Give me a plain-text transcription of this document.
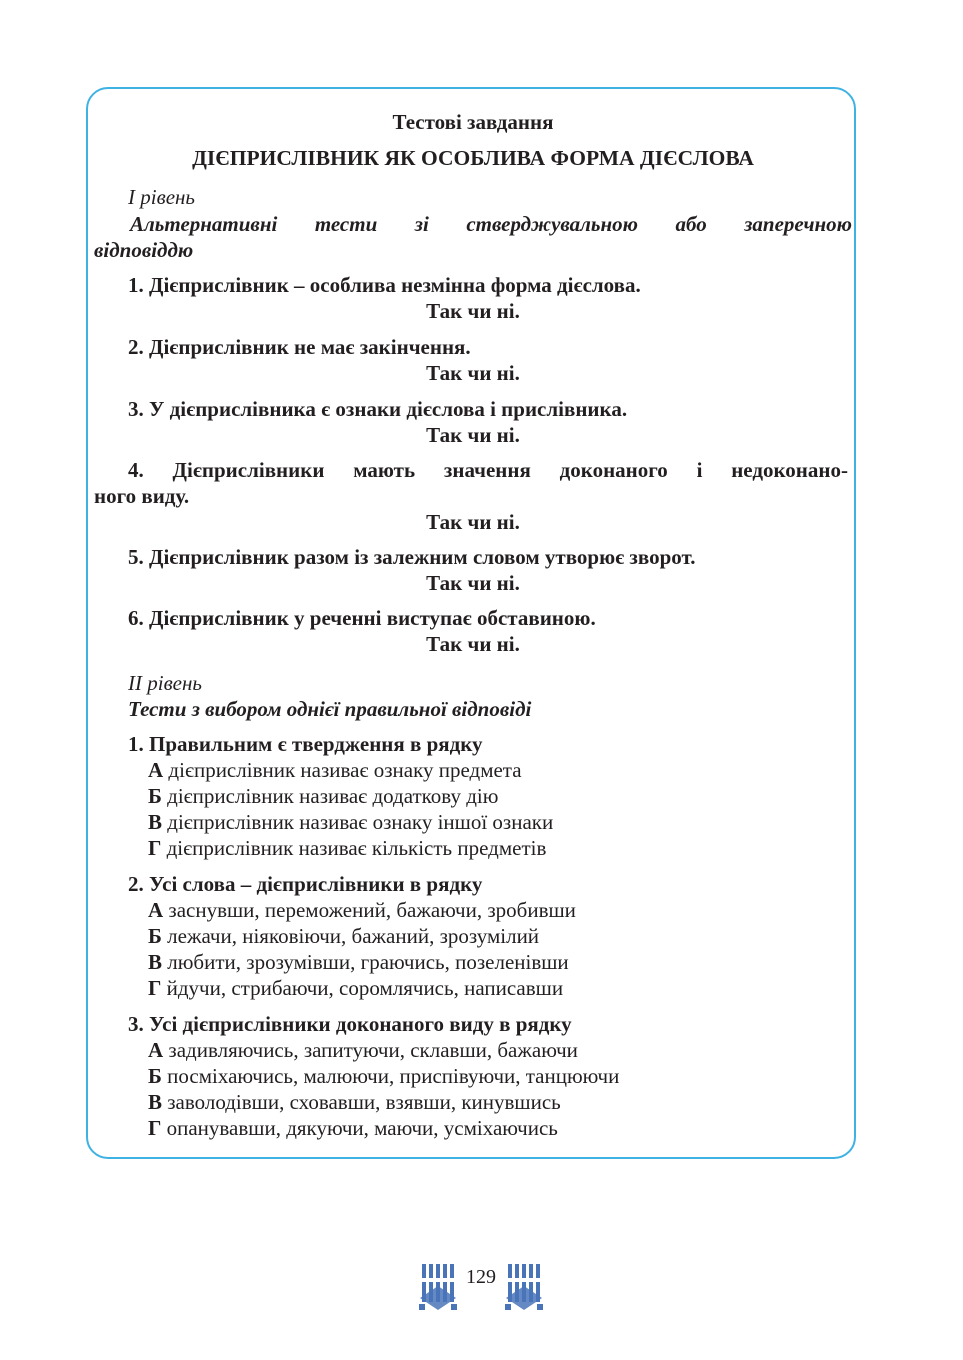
Тестові завдання
ДІЄПРИСЛІВНИК ЯК ОСОБЛИВА ФОРМА ДІЄСЛОВА
I рівень
Альтернативні тести зі стверджувальною або заперечною
відповіддю
1. Дієприслівник – особлива незмінна форма дієслова.
Так чи ні.
2. Дієприслівник не має закінчення.
Так чи ні.
3. У дієприслівника є ознаки дієслова і прислівника.
Так чи ні.
4. Дієприслівники мають значення доконаного і недоконано-
ного виду.
Так чи ні.
5. Дієприслівник разом із залежним словом утворює зворот.
Так чи ні.
6. Дієприслівник у реченні виступає обставиною.
Так чи ні.
II рівень
Тести з вибором однієї правильної відповіді
1. Правильним є твердження в рядку
А дієприслівник називає ознаку предмета
Б дієприслівник називає додаткову дію
В дієприслівник називає ознаку іншої ознаки
Г дієприслівник називає кількість предметів
2. Усі слова – дієприслівники в рядку
А заснувши, переможений, бажаючи, зробивши
Б лежачи, ніяковіючи, бажаний, зрозумілий
В любити, зрозумівши, граючись, позеленівши
Г йдучи, стрибаючи, соромлячись, написавши
3. Усі дієприслівники доконаного виду в рядку
А задивляючись, запитуючи, склавши, бажаючи
Б посміхаючись, малюючи, приспівуючи, танцюючи
В заволодівши, сховавши, взявши, кинувшись
Г опанувавши, дякуючи, маючи, усміхаючись
129
